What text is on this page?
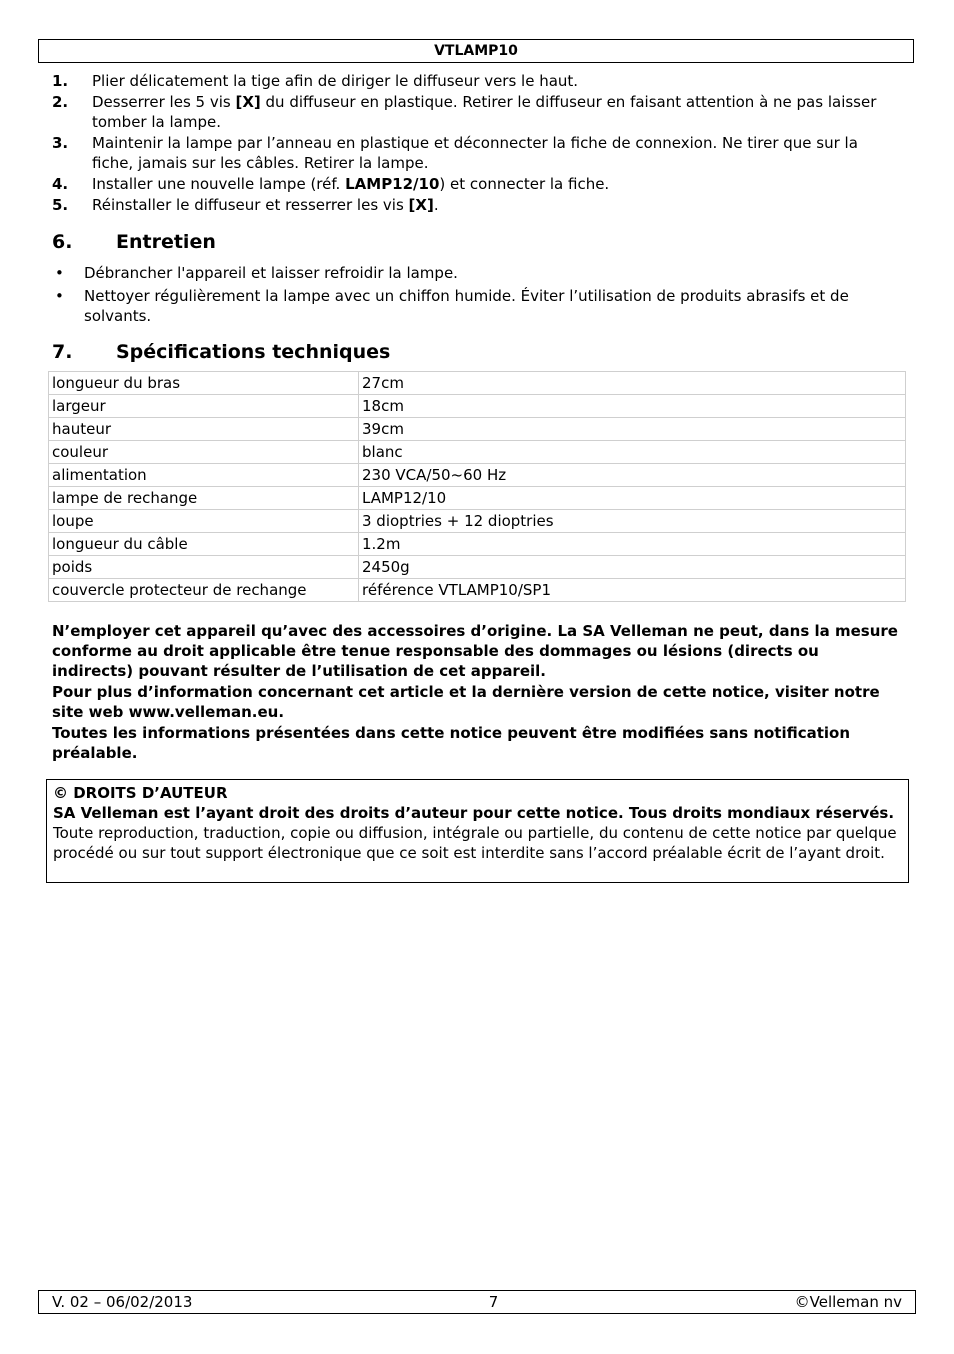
VTLAMP10
1.	Plier délicatement la tige afin de diriger le diffuseur vers le haut.
2.	Desserrer les 5 vis [X] du diffuseur en plastique. Retirer le diffuseur en faisant attention à ne pas laisser tomber la lampe.
3.	Maintenir la lampe par l’anneau en plastique et déconnecter la fiche de connexion. Ne tirer que sur la fiche, jamais sur les câbles. Retirer la lampe.
4.	Installer une nouvelle lampe (réf. LAMP12/10) et connecter la fiche.
5.	Réinstaller le diffuseur et resserrer les vis [X].
6. Entretien
•	Débrancher l'appareil et laisser refroidir la lampe.
•	Nettoyer régulièrement la lampe avec un chiffon humide. Éviter l’utilisation de produits abrasifs et de solvants.
7. Spécifications techniques
longueur du bras	27cm
largeur	18cm
hauteur	39cm
couleur	blanc
alimentation	230 VCA/50~60 Hz
lampe de rechange	LAMP12/10
loupe	3 dioptries + 12 dioptries
longueur du câble	1.2m
poids	2450g
couvercle protecteur de rechange	référence VTLAMP10/SP1

N’employer cet appareil qu’avec des accessoires d’origine. La SA Velleman ne peut, dans la mesure conforme au droit applicable être tenue responsable des dommages ou lésions (directs ou indirects) pouvant résulter de l’utilisation de cet appareil.

Pour plus d’information concernant cet article et la dernière version de cette notice, visiter notre site web www.velleman.eu.

Toutes les informations présentées dans cette notice peuvent être modifiées sans notification préalable.

© DROITS D’AUTEUR
SA Velleman est l’ayant droit des droits d’auteur pour cette notice. Tous droits mondiaux réservés. Toute reproduction, traduction, copie ou diffusion, intégrale ou partielle, du contenu de cette notice par quelque procédé ou sur tout support électronique que ce soit est interdite sans l’accord préalable écrit de l’ayant droit.
V. 02 – 06/02/2013	7	©Velleman nv
